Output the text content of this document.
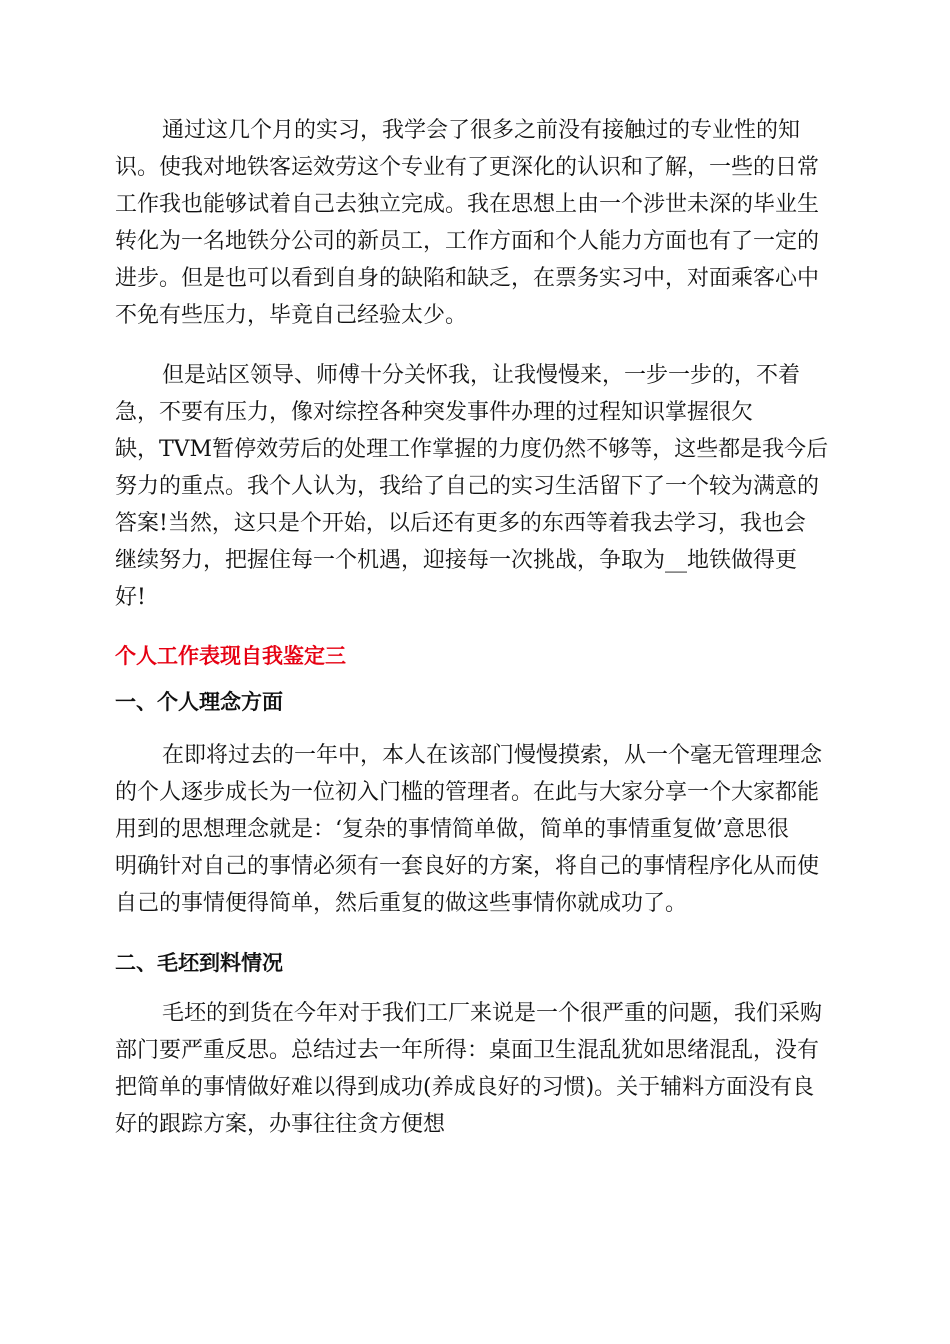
通过这几个月的实习，我学会了很多之前没有接触过的专业性的知
识。使我对地铁客运效劳这个专业有了更深化的认识和了解，一些的日常
工作我也能够试着自己去独立完成。我在思想上由一个涉世未深的毕业生
转化为一名地铁分公司的新员工，工作方面和个人能力方面也有了一定的
进步。但是也可以看到自身的缺陷和缺乏，在票务实习中，对面乘客心中
不免有些压力，毕竟自己经验太少。
但是站区领导、师傅十分关怀我，让我慢慢来，一步一步的，不着
急，不要有压力，像对综控各种突发事件办理的过程知识掌握很欠
缺，TVM暂停效劳后的处理工作掌握的力度仍然不够等，这些都是我今后
努力的重点。我个人认为，我给了自己的实习生活留下了一个较为满意的
答案!当然，这只是个开始，以后还有更多的东西等着我去学习，我也会
继续努力，把握住每一个机遇，迎接每一次挑战，争取为__地铁做得更
好!
个人工作表现自我鉴定三
一、个人理念方面
在即将过去的一年中，本人在该部门慢慢摸索，从一个毫无管理理念
的个人逐步成长为一位初入门槛的管理者。在此与大家分享一个大家都能
用到的思想理念就是：‘复杂的事情简单做，简单的事情重复做’意思很
明确针对自己的事情必须有一套良好的方案，将自己的事情程序化从而使
自己的事情便得简单，然后重复的做这些事情你就成功了。
二、毛坯到料情况
毛坯的到货在今年对于我们工厂来说是一个很严重的问题，我们采购
部门要严重反思。总结过去一年所得：桌面卫生混乱犹如思绪混乱，没有
把简单的事情做好难以得到成功(养成良好的习惯)。关于辅料方面没有良
好的跟踪方案，办事往往贪方便想
